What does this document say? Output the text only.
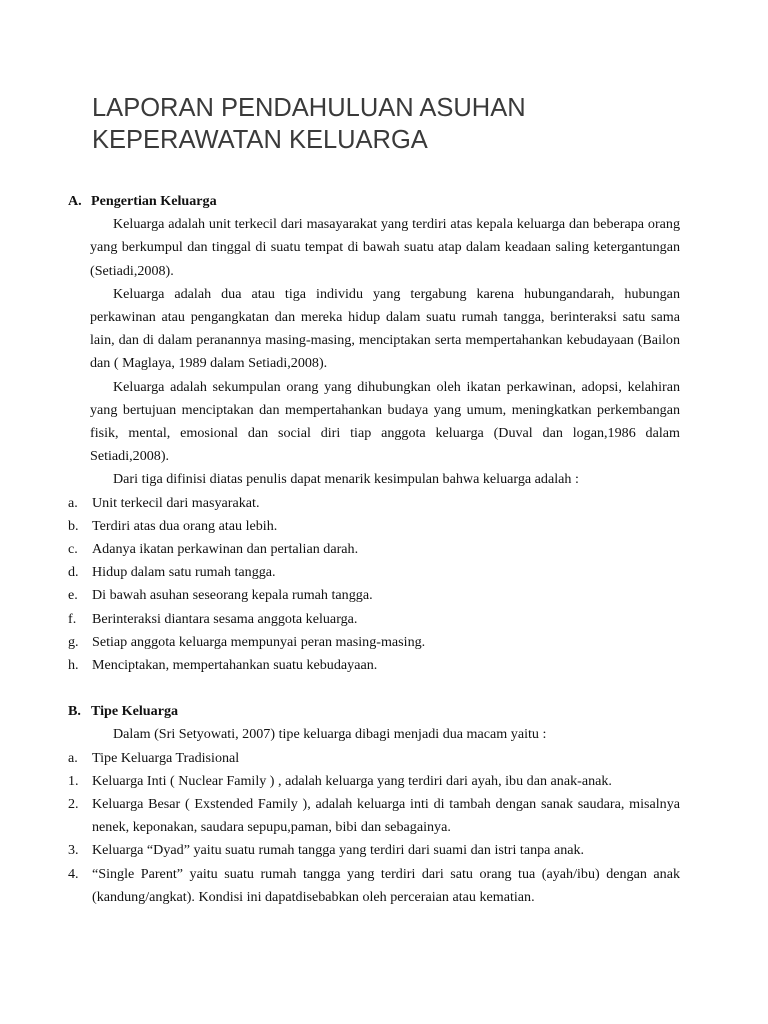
LAPORAN PENDAHULUAN ASUHAN
KEPERAWATAN KELUARGA
A. Pengertian Keluarga

Keluarga adalah unit terkecil dari masayarakat yang terdiri atas kepala keluarga dan beberapa orang yang berkumpul dan tinggal di suatu tempat di bawah suatu atap dalam keadaan saling ketergantungan (Setiadi,2008).

Keluarga adalah dua atau tiga individu yang tergabung karena hubungandarah, hubungan perkawinan atau pengangkatan dan mereka hidup dalam suatu rumah tangga, berinteraksi satu sama lain, dan di dalam peranannya masing-masing, menciptakan serta mempertahankan kebudayaan (Bailon dan ( Maglaya, 1989 dalam Setiadi,2008).

Keluarga adalah sekumpulan orang yang dihubungkan oleh ikatan perkawinan, adopsi, kelahiran yang bertujuan menciptakan dan mempertahankan budaya yang umum, meningkatkan perkembangan fisik, mental, emosional dan social diri tiap anggota keluarga (Duval dan logan,1986 dalam Setiadi,2008).

Dari tiga difinisi diatas penulis dapat menarik kesimpulan bahwa keluarga adalah :

a.	Unit terkecil dari masyarakat.
b. Terdiri atas dua orang atau lebih.
c.	Adanya ikatan perkawinan dan pertalian darah.
d. Hidup dalam satu rumah tangga.
e.	Di bawah asuhan seseorang kepala rumah tangga.
f.	Berinteraksi diantara sesama anggota keluarga.
g. Setiap anggota keluarga mempunyai peran masing-masing.
h. Menciptakan, mempertahankan suatu kebudayaan.
B. Tipe Keluarga

Dalam (Sri Setyowati, 2007) tipe keluarga dibagi menjadi dua macam yaitu :

a.	Tipe Keluarga Tradisional
1. Keluarga Inti ( Nuclear Family ) , adalah keluarga yang terdiri dari ayah, ibu dan anak-anak.
2. Keluarga Besar ( Exstended Family ), adalah keluarga inti di tambah dengan sanak saudara, misalnya nenek, keponakan, saudara sepupu,paman, bibi dan sebagainya.
3. Keluarga “Dyad” yaitu suatu rumah tangga yang terdiri dari suami dan istri tanpa anak.
4. “Single Parent” yaitu suatu rumah tangga yang terdiri dari satu orang tua (ayah/ibu) dengan anak (kandung/angkat). Kondisi ini dapatdisebabkan oleh perceraian atau kematian.
